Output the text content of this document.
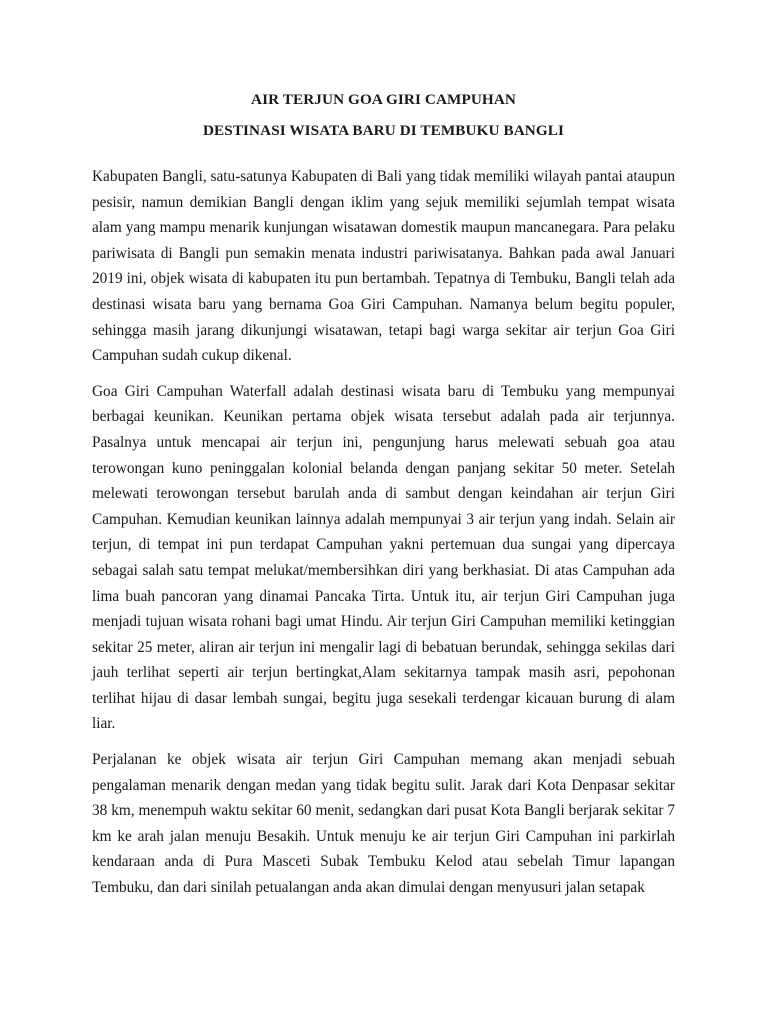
AIR TERJUN GOA GIRI CAMPUHAN

DESTINASI WISATA BARU DI TEMBUKU BANGLI

Kabupaten Bangli, satu-satunya Kabupaten di Bali yang tidak memiliki wilayah pantai ataupun pesisir, namun demikian Bangli dengan iklim yang sejuk memiliki sejumlah tempat wisata alam yang mampu menarik kunjungan wisatawan domestik maupun mancanegara. Para pelaku pariwisata di Bangli pun semakin menata industri pariwisatanya. Bahkan pada awal Januari 2019 ini, objek wisata di kabupaten itu pun bertambah. Tepatnya di Tembuku, Bangli telah ada destinasi wisata baru yang bernama Goa Giri Campuhan. Namanya belum begitu populer, sehingga masih jarang dikunjungi wisatawan, tetapi bagi warga sekitar air terjun Goa Giri Campuhan sudah cukup dikenal.

Goa Giri Campuhan Waterfall adalah destinasi wisata baru di Tembuku yang mempunyai berbagai keunikan. Keunikan pertama objek wisata tersebut adalah pada air terjunnya. Pasalnya untuk mencapai air terjun ini, pengunjung harus melewati sebuah goa atau terowongan kuno peninggalan kolonial belanda dengan panjang sekitar 50 meter. Setelah melewati terowongan tersebut barulah anda di sambut dengan keindahan air terjun Giri Campuhan. Kemudian keunikan lainnya adalah mempunyai 3 air terjun yang indah. Selain air terjun, di tempat ini pun terdapat Campuhan yakni pertemuan dua sungai yang dipercaya sebagai salah satu tempat melukat/membersihkan diri yang berkhasiat. Di atas Campuhan ada lima buah pancoran yang dinamai Pancaka Tirta. Untuk itu, air terjun Giri Campuhan juga menjadi tujuan wisata rohani bagi umat Hindu. Air terjun Giri Campuhan memiliki ketinggian sekitar 25 meter, aliran air terjun ini mengalir lagi di bebatuan berundak, sehingga sekilas dari jauh terlihat seperti air terjun bertingkat,Alam sekitarnya tampak masih asri, pepohonan terlihat hijau di dasar lembah sungai, begitu juga sesekali terdengar kicauan burung di alam liar.

Perjalanan ke objek wisata air terjun Giri Campuhan memang akan menjadi sebuah pengalaman menarik dengan medan yang tidak begitu sulit. Jarak dari Kota Denpasar sekitar 38 km, menempuh waktu sekitar 60 menit, sedangkan dari pusat Kota Bangli berjarak sekitar 7 km ke arah jalan menuju Besakih. Untuk menuju ke air terjun Giri Campuhan ini parkirlah kendaraan anda di Pura Masceti Subak Tembuku Kelod atau sebelah Timur lapangan Tembuku, dan dari sinilah petualangan anda akan dimulai dengan menyusuri jalan setapak
